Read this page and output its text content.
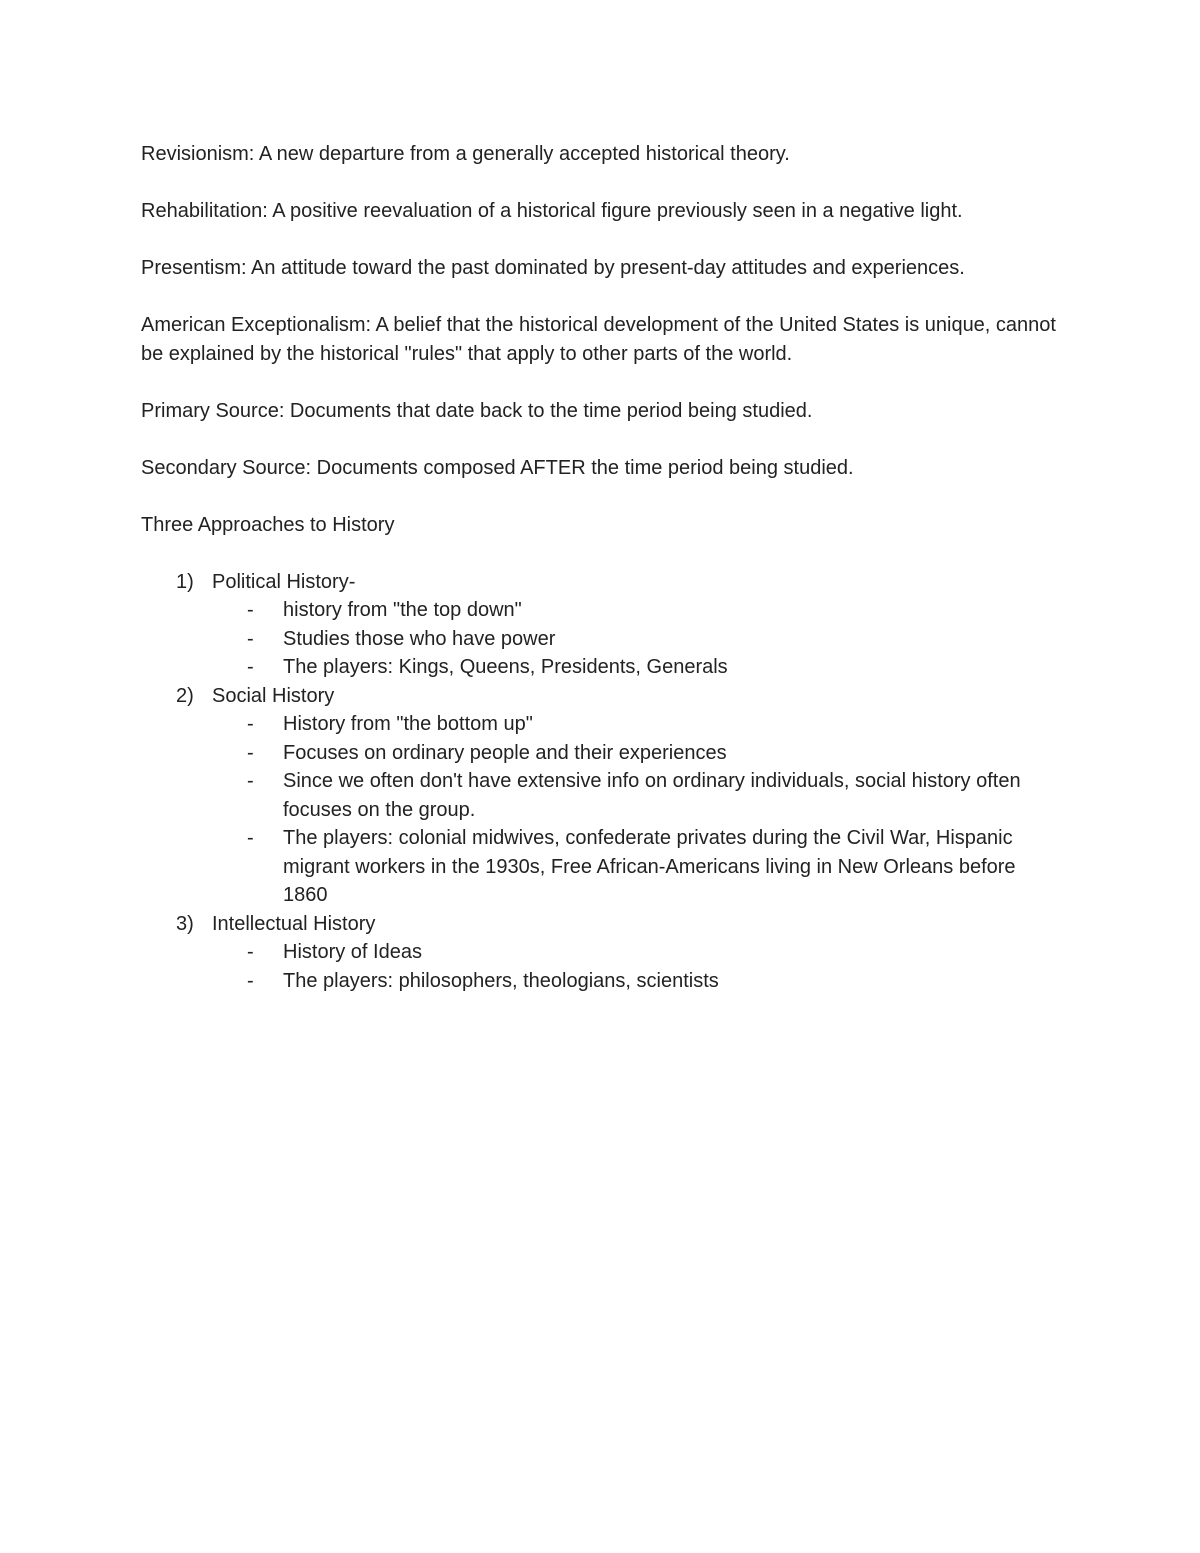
Revisionism: A new departure from a generally accepted historical theory.

Rehabilitation: A positive reevaluation of a historical figure previously seen in a negative light.

Presentism: An attitude toward the past dominated by present-day attitudes and experiences.

American Exceptionalism: A belief that the historical development of the United States is unique, cannot be explained by the historical "rules" that apply to other parts of the world.

Primary Source: Documents that date back to the time period being studied.

Secondary Source: Documents composed AFTER the time period being studied.

Three Approaches to History

1) Political History-
- history from "the top down"
- Studies those who have power
- The players: Kings, Queens, Presidents, Generals
2) Social History
- History from "the bottom up"
- Focuses on ordinary people and their experiences
- Since we often don't have extensive info on ordinary individuals, social history often focuses on the group.
- The players: colonial midwives, confederate privates during the Civil War, Hispanic migrant workers in the 1930s, Free African-Americans living in New Orleans before 1860
3) Intellectual History
- History of Ideas
- The players: philosophers, theologians, scientists
